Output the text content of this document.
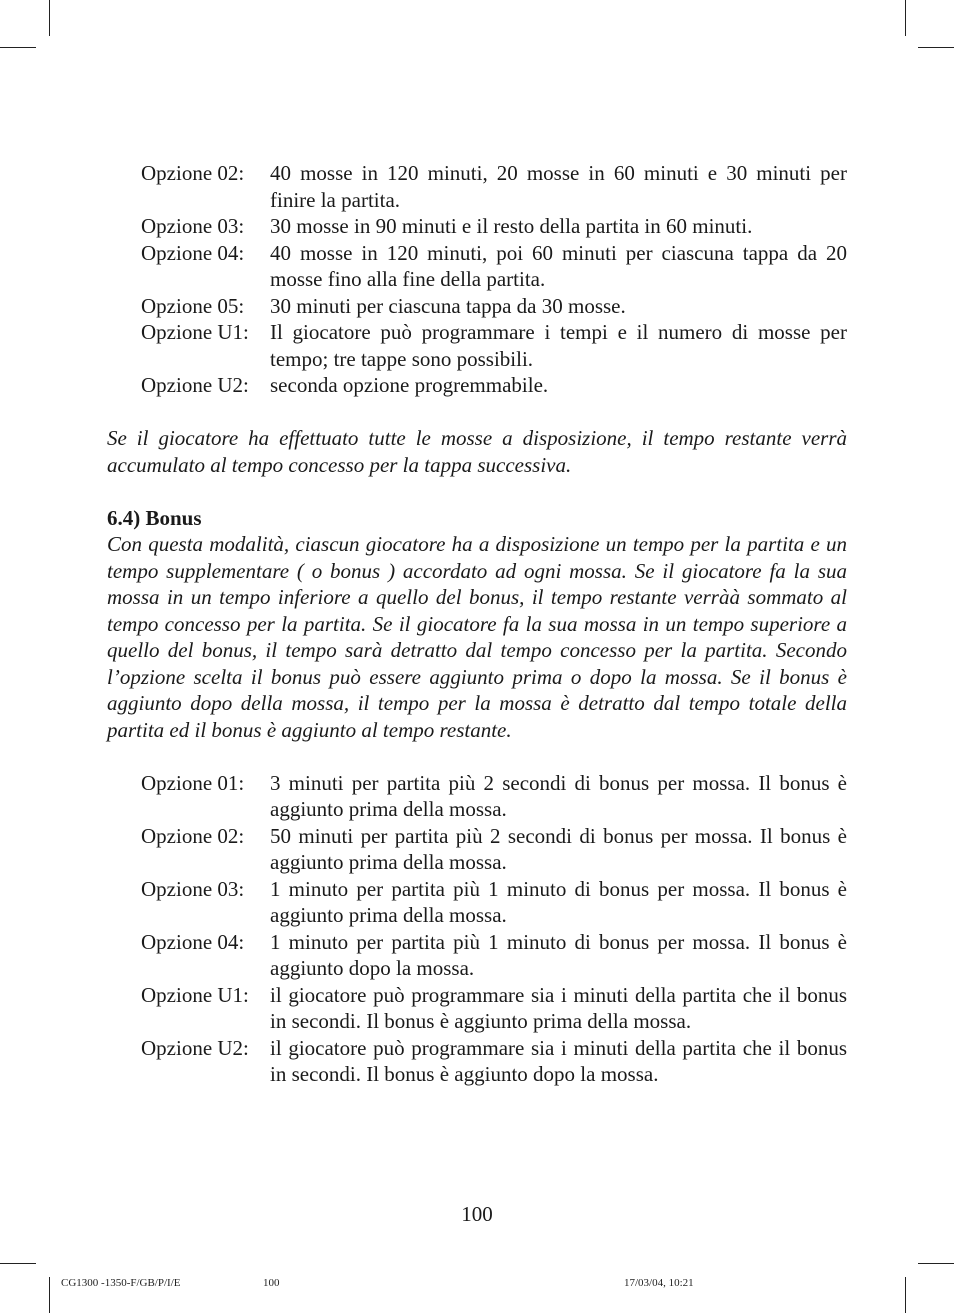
Opzione 02:	40 mosse in 120 minuti, 20 mosse in 60 minuti e 30 minuti per finire la partita.
Opzione 03:	30 mosse in 90 minuti e il resto della partita in 60 minuti.
Opzione 04:	40 mosse in 120 minuti, poi 60 minuti per ciascuna tappa da 20 mosse fino alla fine della partita.
Opzione 05:	30 minuti per ciascuna tappa da 30 mosse.
Opzione U1:	Il giocatore può programmare i tempi e il numero di mosse per tempo; tre tappe sono possibili.
Opzione U2:	seconda opzione progremmabile.
Se il giocatore ha effettuato tutte le mosse a disposizione, il tempo restante verrà accumulato al tempo concesso per la tappa successiva.
6.4) Bonus
Con questa modalità, ciascun giocatore ha a disposizione un tempo per la partita e un tempo supplementare ( o bonus ) accordato ad ogni mossa. Se il giocatore fa la sua mossa in un tempo inferiore a quello del bonus, il tempo restante verràà sommato al tempo concesso per la partita. Se il giocatore fa la sua mossa in un tempo superiore a quello del bonus, il tempo sarà detratto dal tempo concesso per la partita. Secondo l’opzione scelta il bonus può essere aggiunto prima o dopo la mossa. Se il bonus è aggiunto dopo della mossa, il tempo per la mossa è detratto dal tempo totale della partita ed il bonus è aggiunto al tempo restante.
Opzione 01:	3 minuti per partita più 2 secondi di bonus per mossa. Il bonus è aggiunto prima della mossa.
Opzione 02:	50 minuti per partita più 2 secondi di bonus per mossa. Il bonus è aggiunto prima della mossa.
Opzione 03:	1 minuto per partita più 1 minuto di bonus per mossa. Il bonus è aggiunto prima della mossa.
Opzione 04:	1 minuto per partita più 1 minuto di bonus per mossa. Il bonus è aggiunto dopo la mossa.
Opzione U1:	il giocatore può programmare sia i minuti della partita che il bonus in secondi. Il bonus è aggiunto prima della mossa.
Opzione U2:	il giocatore può programmare sia i minuti della partita che il bonus in secondi. Il bonus è aggiunto dopo la mossa.
100
CG1300 -1350-F/GB/P/I/E	100	17/03/04, 10:21
